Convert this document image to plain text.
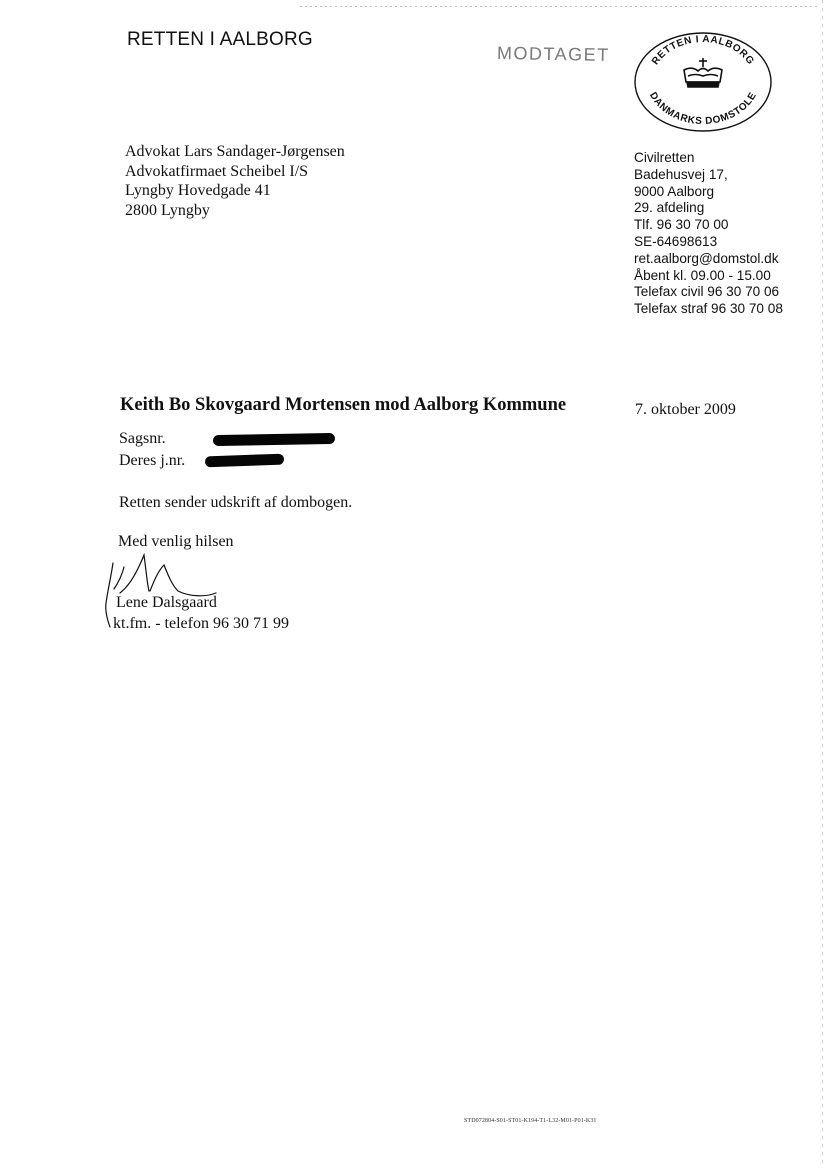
RETTEN I AALBORG
MODTAGET	RETTEN I AALBORG
DANMARKS DOMSTOLE
Advokat Lars Sandager-Jørgensen
Advokatfirmaet Scheibel I/S
Lyngby Hovedgade 41
2800 Lyngby
Civilretten
Badehusvej 17,
9000 Aalborg
29. afdeling
Tlf. 96 30 70 00
SE-64698613
ret.aalborg@domstol.dk
Åbent kl. 09.00 - 15.00
Telefax civil 96 30 70 06
Telefax straf 96 30 70 08
Keith Bo Skovgaard Mortensen mod Aalborg Kommune	7. oktober 2009
Sagsnr.
Deres j.nr.
Retten sender udskrift af dombogen.
Med venlig hilsen
Lene Dalsgaard
kt.fm. - telefon 96 30 71 99
STD072804-S01-ST01-K194-T1-L32-M01-P01-K31
